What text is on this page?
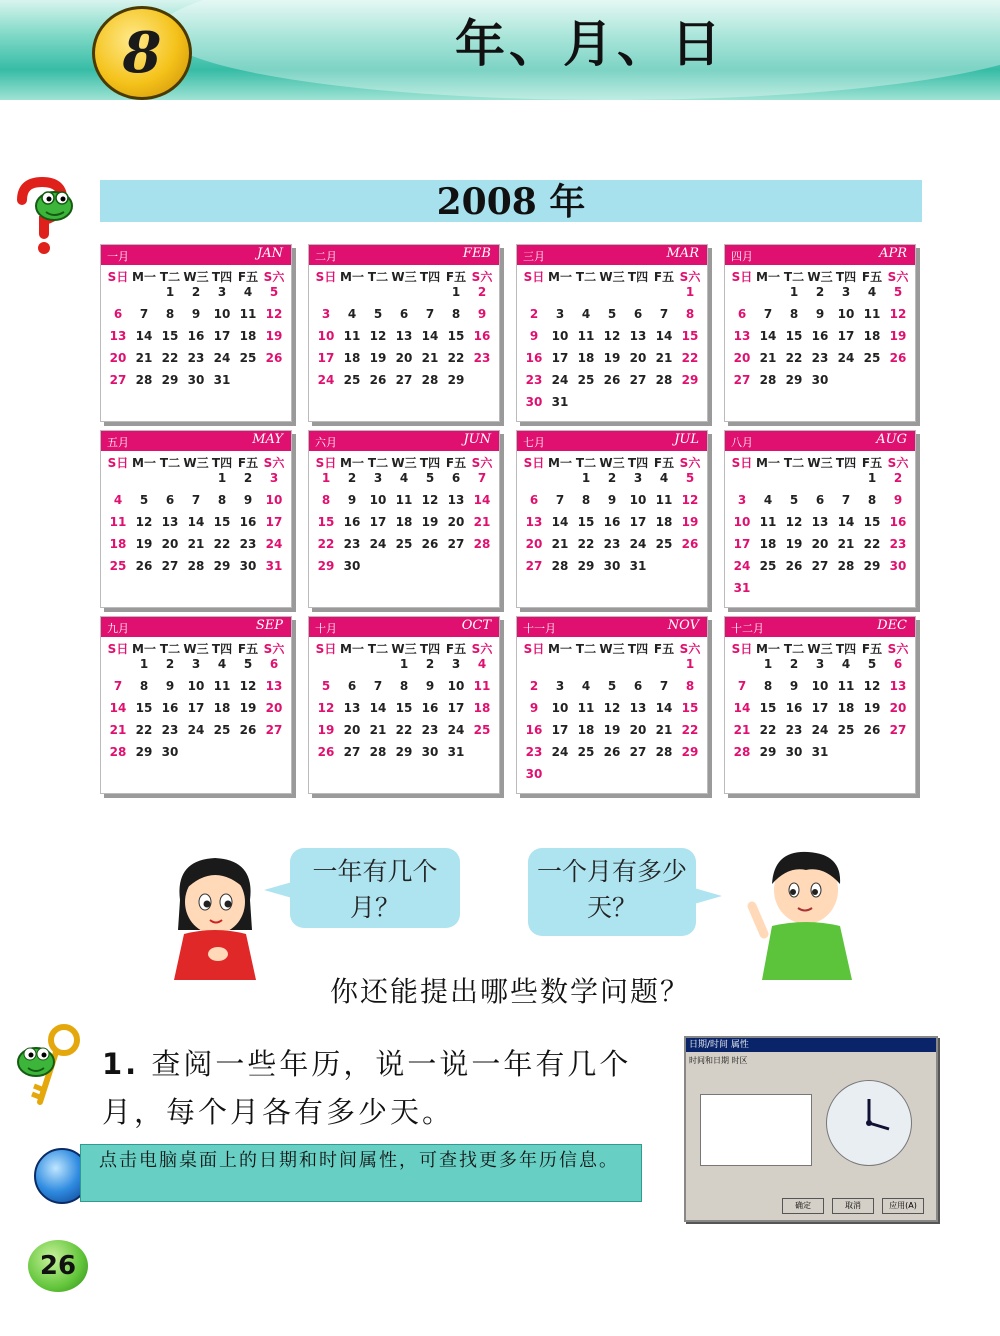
8	年、月、日
2008 年
一月	JAN
S日	M一	T二	W三	T四	F五	S六
		1	2	3	4	5
6	7	8	9	10	11	12
13	14	15	16	17	18	19
20	21	22	23	24	25	26
27	28	29	30	31		
二月	FEB
S日	M一	T二	W三	T四	F五	S六
					1	2
3	4	5	6	7	8	9
10	11	12	13	14	15	16
17	18	19	20	21	22	23
24	25	26	27	28	29	
三月	MAR
S日	M一	T二	W三	T四	F五	S六
						1
2	3	4	5	6	7	8
9	10	11	12	13	14	15
16	17	18	19	20	21	22
23	24	25	26	27	28	29
30	31					
四月	APR
S日	M一	T二	W三	T四	F五	S六
		1	2	3	4	5
6	7	8	9	10	11	12
13	14	15	16	17	18	19
20	21	22	23	24	25	26
27	28	29	30			
五月	MAY
S日	M一	T二	W三	T四	F五	S六
				1	2	3
4	5	6	7	8	9	10
11	12	13	14	15	16	17
18	19	20	21	22	23	24
25	26	27	28	29	30	31
六月	JUN
S日	M一	T二	W三	T四	F五	S六
1	2	3	4	5	6	7
8	9	10	11	12	13	14
15	16	17	18	19	20	21
22	23	24	25	26	27	28
29	30					
七月	JUL
S日	M一	T二	W三	T四	F五	S六
		1	2	3	4	5
6	7	8	9	10	11	12
13	14	15	16	17	18	19
20	21	22	23	24	25	26
27	28	29	30	31		
八月	AUG
S日	M一	T二	W三	T四	F五	S六
					1	2
3	4	5	6	7	8	9
10	11	12	13	14	15	16
17	18	19	20	21	22	23
24	25	26	27	28	29	30
31						
九月	SEP
S日	M一	T二	W三	T四	F五	S六
	1	2	3	4	5	6
7	8	9	10	11	12	13
14	15	16	17	18	19	20
21	22	23	24	25	26	27
28	29	30				
十月	OCT
S日	M一	T二	W三	T四	F五	S六
			1	2	3	4
5	6	7	8	9	10	11
12	13	14	15	16	17	18
19	20	21	22	23	24	25
26	27	28	29	30	31	
十一月	NOV
S日	M一	T二	W三	T四	F五	S六
						1
2	3	4	5	6	7	8
9	10	11	12	13	14	15
16	17	18	19	20	21	22
23	24	25	26	27	28	29
30						
十二月	DEC
S日	M一	T二	W三	T四	F五	S六
	1	2	3	4	5	6
7	8	9	10	11	12	13
14	15	16	17	18	19	20
21	22	23	24	25	26	27
28	29	30	31			
一年有几个月？
一个月有多少天？
你还能提出哪些数学问题？
1. 查阅一些年历，说一说一年有几个月，每个月各有多少天。
点击电脑桌面上的日期和时间属性，可查找更多年历信息。
日期/时间 属性
时间和日期 时区
确定	取消	应用(A)
26
